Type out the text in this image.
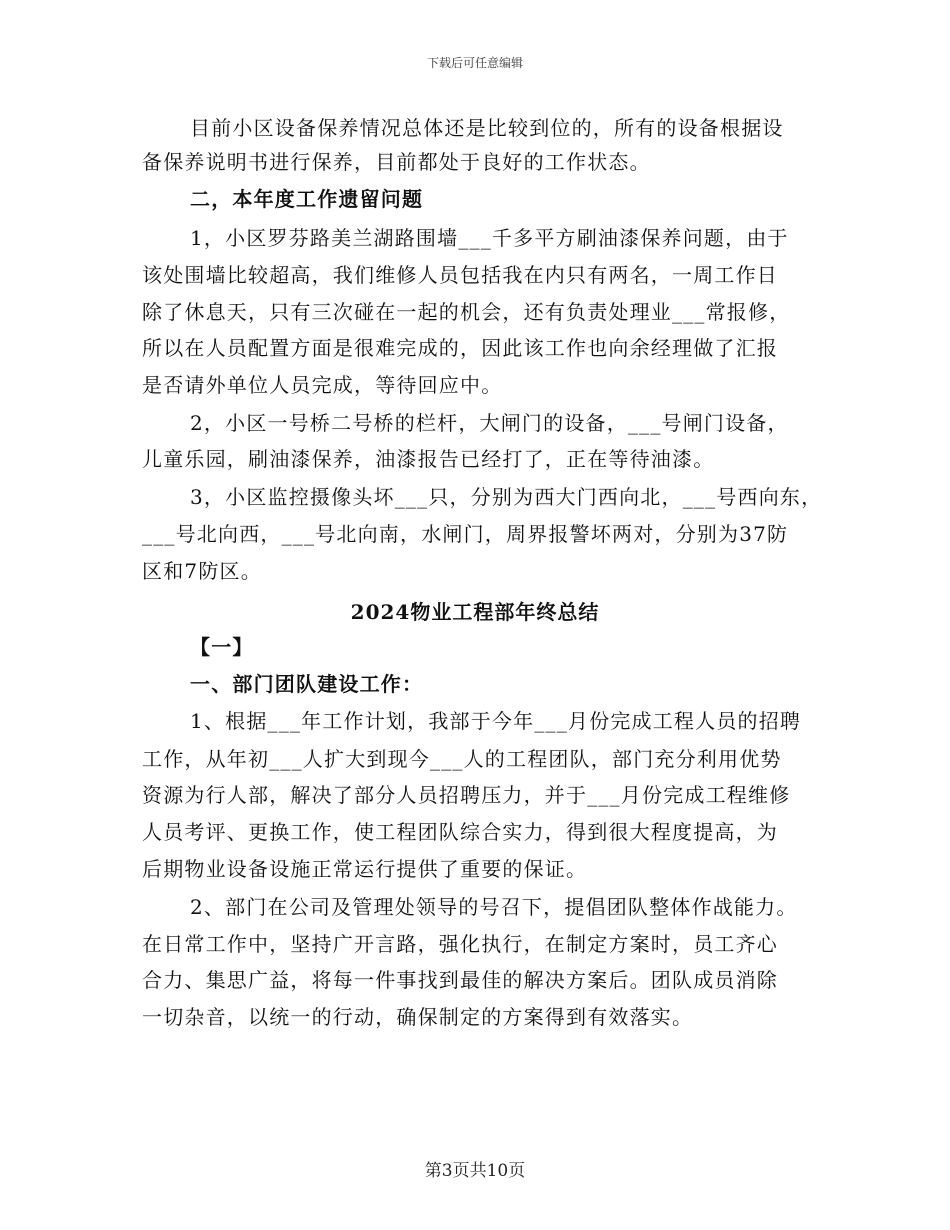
下载后可任意编辑
目前小区设备保养情况总体还是比较到位的，所有的设备根据设
备保养说明书进行保养，目前都处于良好的工作状态。
二，本年度工作遗留问题
1，小区罗芬路美兰湖路围墙___千多平方刷油漆保养问题，由于
该处围墙比较超高，我们维修人员包括我在内只有两名，一周工作日
除了休息天，只有三次碰在一起的机会，还有负责处理业___常报修，
所以在人员配置方面是很难完成的，因此该工作也向余经理做了汇报
是否请外单位人员完成，等待回应中。
2，小区一号桥二号桥的栏杆，大闸门的设备，___号闸门设备，
儿童乐园，刷油漆保养，油漆报告已经打了，正在等待油漆。
3，小区监控摄像头坏___只，分别为西大门西向北，___号西向东，
___号北向西，___号北向南，水闸门，周界报警坏两对，分别为37防
区和7防区。
2024物业工程部年终总结
【一】
一、部门团队建设工作：
1、根据___年工作计划，我部于今年___月份完成工程人员的招聘
工作，从年初___人扩大到现今___人的工程团队，部门充分利用优势
资源为行人部，解决了部分人员招聘压力，并于___月份完成工程维修
人员考评、更换工作，使工程团队综合实力，得到很大程度提高，为
后期物业设备设施正常运行提供了重要的保证。
2、部门在公司及管理处领导的号召下，提倡团队整体作战能力。
在日常工作中，坚持广开言路，强化执行，在制定方案时，员工齐心
合力、集思广益，将每一件事找到最佳的解决方案后。团队成员消除
一切杂音，以统一的行动，确保制定的方案得到有效落实。
第3页共10页
